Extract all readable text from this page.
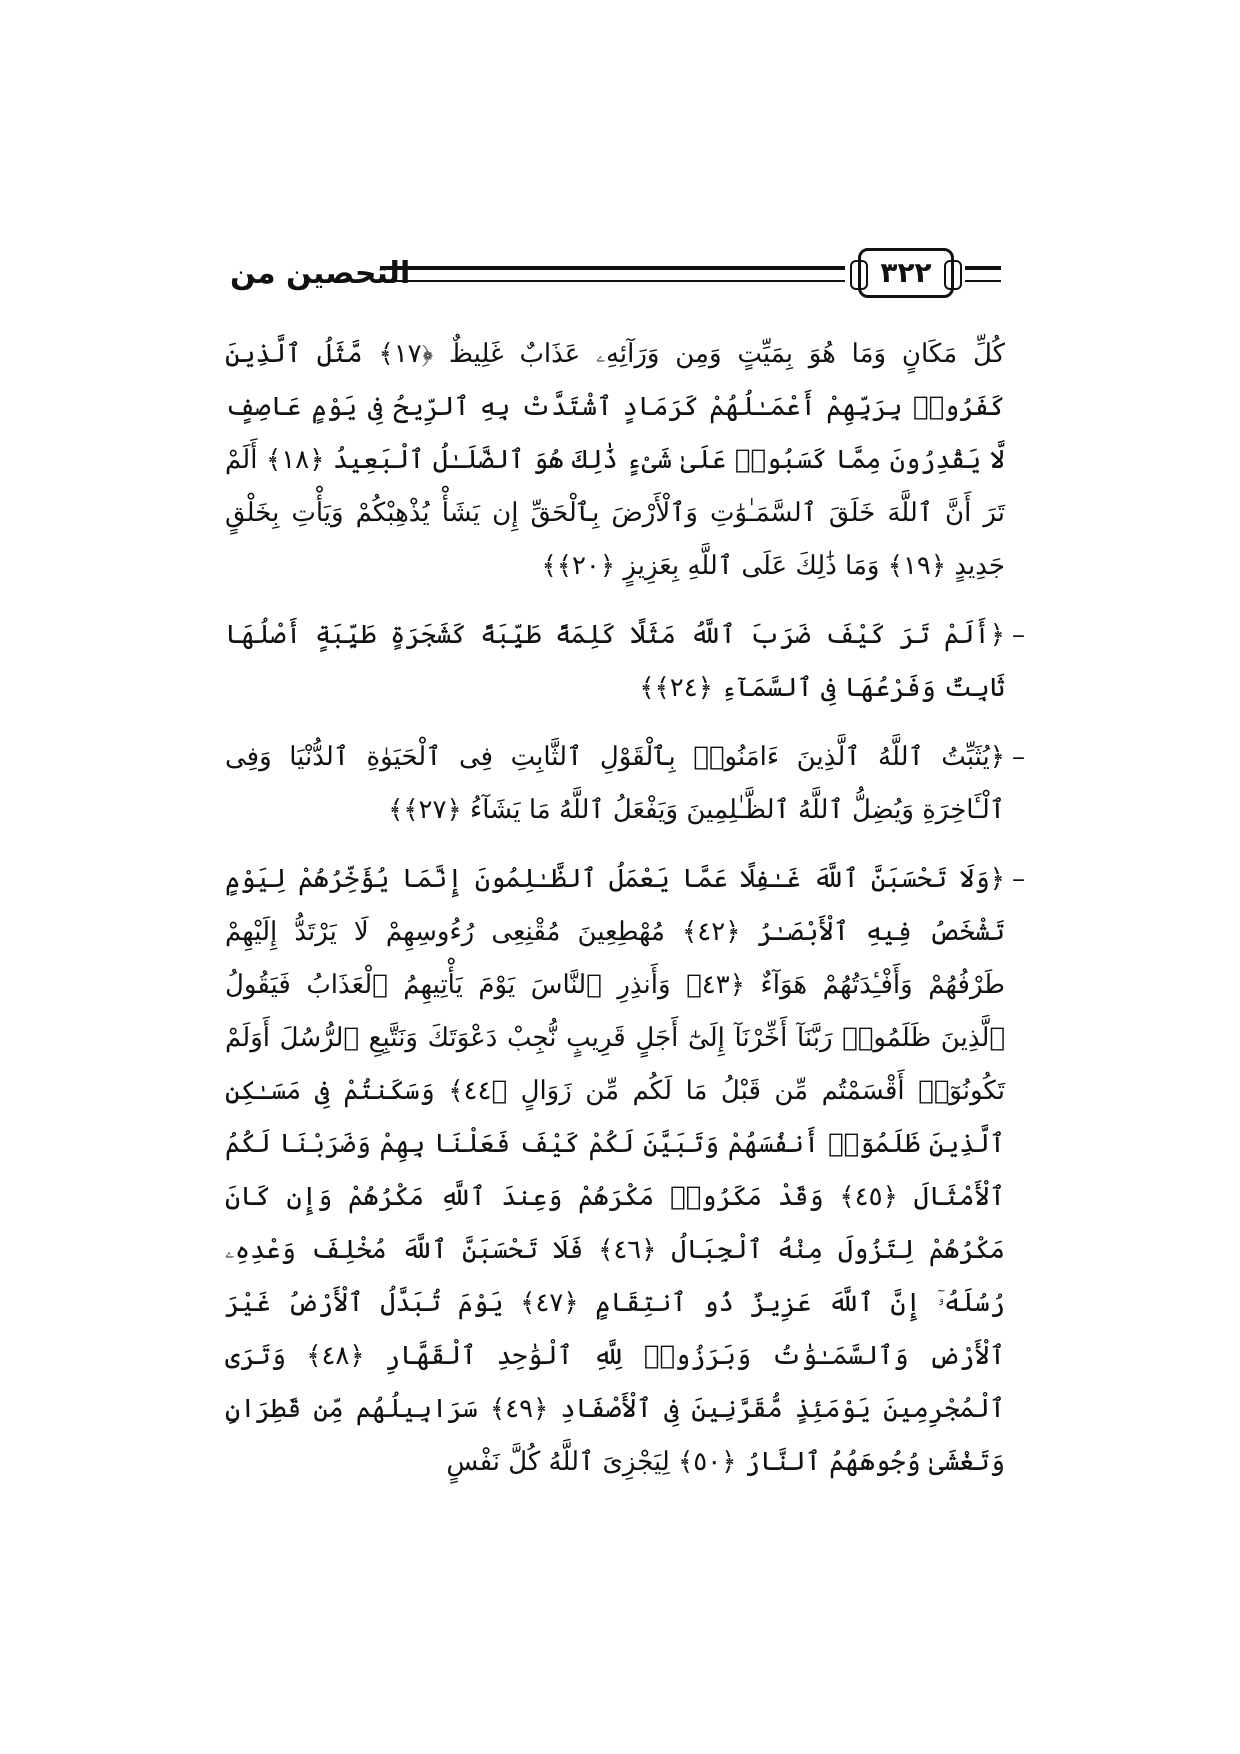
التحصين من	٣٢٢

كُلِّ مَكَانٍ وَمَا هُوَ بِمَيِّتٍ وَمِن وَرَآئِهِۦ عَذَابٌ غَلِيظٌ ﴿١٧﴾ مَّثَلُ ٱلَّذِينَ كَفَرُوا۟ بِرَبِّهِمْ أَعْمَـٰلُهُمْ كَرَمَادٍ ٱشْتَدَّتْ بِهِ ٱلرِّيحُ فِى يَوْمٍ عَاصِفٍ لَّا يَقْدِرُونَ مِمَّا كَسَبُوا۟ عَلَىٰ شَىْءٍ ذَٰلِكَ هُوَ ٱلضَّلَـٰلُ ٱلْبَعِيدُ ﴿١٨﴾ أَلَمْ تَرَ أَنَّ ٱللَّهَ خَلَقَ ٱلسَّمَـٰوَٰتِ وَٱلْأَرْضَ بِٱلْحَقِّ إِن يَشَأْ يُذْهِبْكُمْ وَيَأْتِ بِخَلْقٍ جَدِيدٍ ﴿١٩﴾ وَمَا ذَٰلِكَ عَلَى ٱللَّهِ بِعَزِيزٍ ﴿٢٠﴾﴾

–
﴿أَلَمْ تَرَ كَيْفَ ضَرَبَ ٱللَّهُ مَثَلًا كَلِمَةً طَيِّبَةً كَشَجَرَةٍ طَيِّبَةٍ أَصْلُهَا ثَابِتٌ وَفَرْعُهَا فِى ٱلسَّمَآءِ ﴿٢٤﴾﴾
–
﴿يُثَبِّتُ ٱللَّهُ ٱلَّذِينَ ءَامَنُوا۟ بِٱلْقَوْلِ ٱلثَّابِتِ فِى ٱلْحَيَوٰةِ ٱلدُّنْيَا وَفِى ٱلْـَٔاخِرَةِ وَيُضِلُّ ٱللَّهُ ٱلظَّـٰلِمِينَ وَيَفْعَلُ ٱللَّهُ مَا يَشَآءُ ﴿٢٧﴾﴾
–
﴿وَلَا تَحْسَبَنَّ ٱللَّهَ غَـٰفِلًا عَمَّا يَعْمَلُ ٱلظَّـٰلِمُونَ إِنَّمَا يُؤَخِّرُهُمْ لِيَوْمٍ تَشْخَصُ فِيهِ ٱلْأَبْصَـٰرُ ﴿٤٢﴾ مُهْطِعِينَ مُقْنِعِى رُءُوسِهِمْ لَا يَرْتَدُّ إِلَيْهِمْ طَرْفُهُمْ وَأَفْـِٔدَتُهُمْ هَوَآءٌ ﴿٤٣﴾ وَأَنذِرِ ٱلنَّاسَ يَوْمَ يَأْتِيهِمُ ٱلْعَذَابُ فَيَقُولُ ٱلَّذِينَ ظَلَمُوا۟ رَبَّنَآ أَخِّرْنَآ إِلَىٰٓ أَجَلٍ قَرِيبٍ نُّجِبْ دَعْوَتَكَ وَنَتَّبِعِ ٱلرُّسُلَ أَوَلَمْ تَكُونُوٓا۟ أَقْسَمْتُم مِّن قَبْلُ مَا لَكُم مِّن زَوَالٍ ﴿٤٤﴾ وَسَكَنتُمْ فِى مَسَـٰكِنِ ٱلَّذِينَ ظَلَمُوٓا۟ أَنفُسَهُمْ وَتَبَيَّنَ لَكُمْ كَيْفَ فَعَلْنَا بِهِمْ وَضَرَبْنَا لَكُمُ ٱلْأَمْثَالَ ﴿٤٥﴾ وَقَدْ مَكَرُوا۟ مَكْرَهُمْ وَعِندَ ٱللَّهِ مَكْرُهُمْ وَإِن كَانَ مَكْرُهُمْ لِتَزُولَ مِنْهُ ٱلْجِبَالُ ﴿٤٦﴾ فَلَا تَحْسَبَنَّ ٱللَّهَ مُخْلِفَ وَعْدِهِۦ رُسُلَهُۥٓ إِنَّ ٱللَّهَ عَزِيزٌ ذُو ٱنتِقَامٍ ﴿٤٧﴾ يَوْمَ تُبَدَّلُ ٱلْأَرْضُ غَيْرَ ٱلْأَرْضِ وَٱلسَّمَـٰوَٰتُ وَبَرَزُوا۟ لِلَّهِ ٱلْوَٰحِدِ ٱلْقَهَّارِ ﴿٤٨﴾ وَتَرَى ٱلْمُجْرِمِينَ يَوْمَئِذٍ مُّقَرَّنِينَ فِى ٱلْأَصْفَادِ ﴿٤٩﴾ سَرَابِيلُهُم مِّن قَطِرَانٍ وَتَغْشَىٰ وُجُوهَهُمُ ٱلنَّارُ ﴿٥٠﴾ لِيَجْزِىَ ٱللَّهُ كُلَّ نَفْسٍ
